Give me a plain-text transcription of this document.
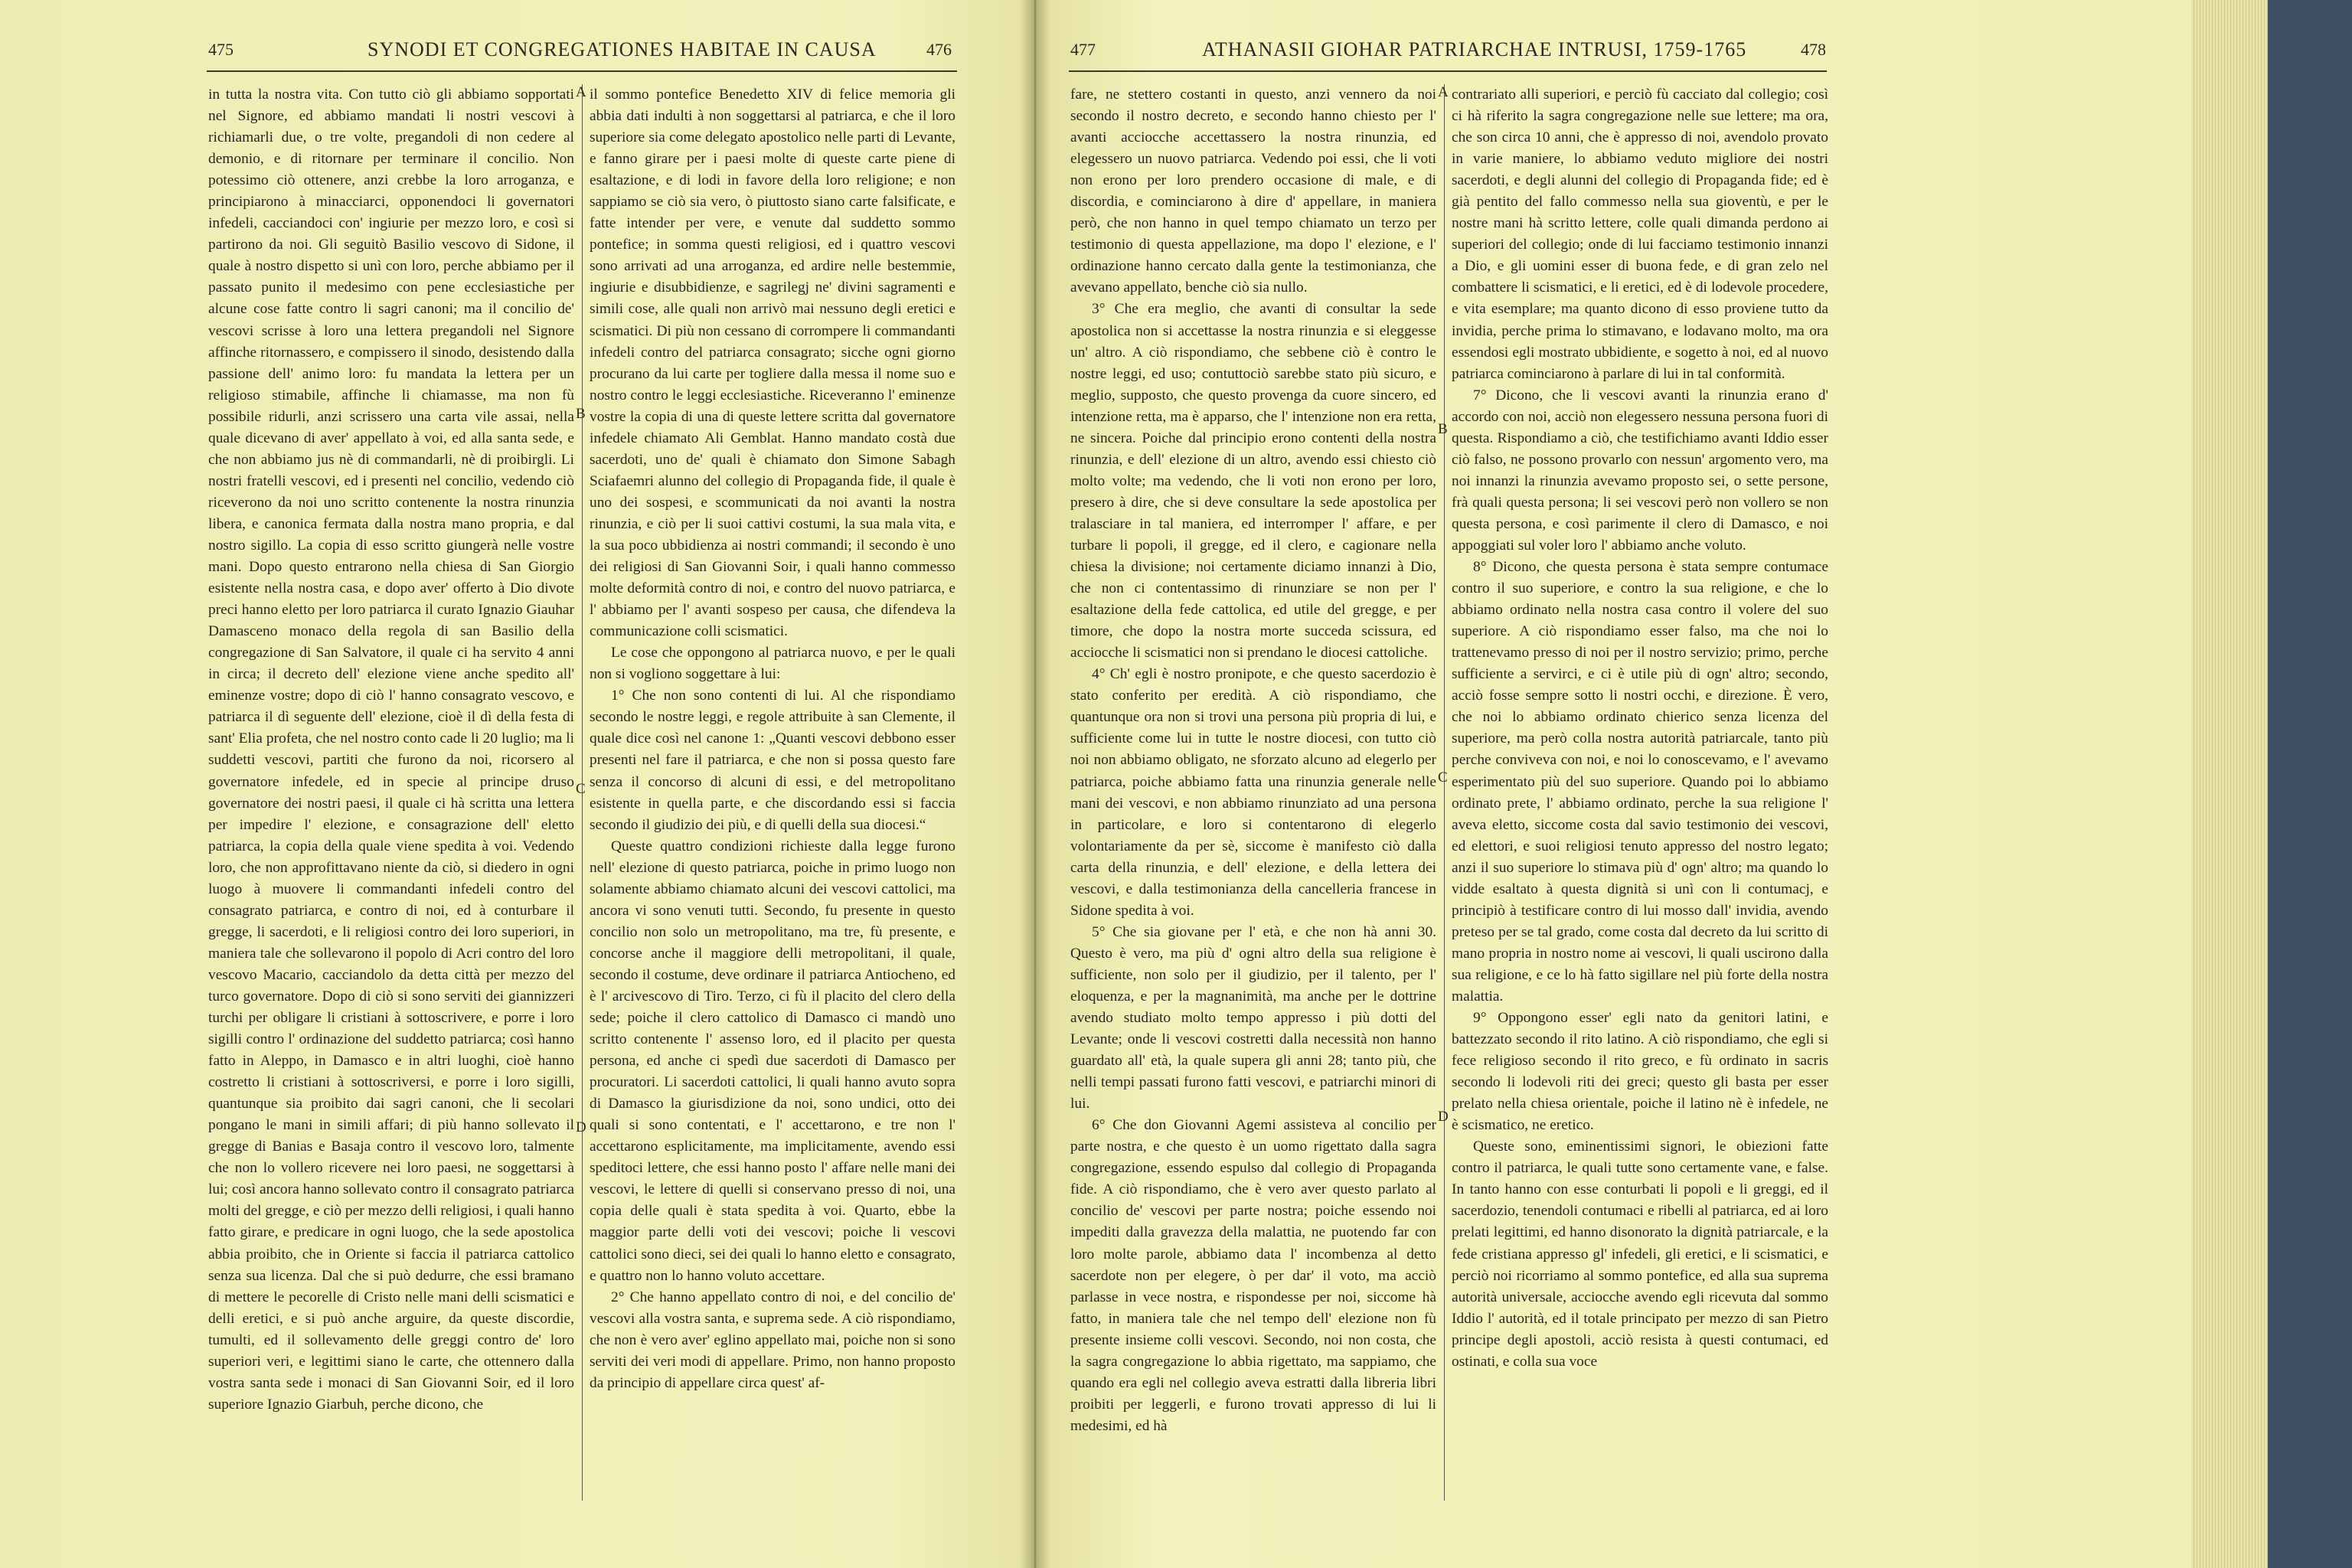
475	SYNODI ET CONGREGATIONES HABITAE IN CAUSA	476

in tutta la nostra vita. Con tutto ciò gli abbiamo sopportati nel Signore, ed abbiamo mandati li nostri vescovi à richiamarli due, o tre volte, pregandoli di non cedere al demonio, e di ritornare per terminare il concilio. Non potessimo ciò ottenere, anzi crebbe la loro arroganza, e principiarono à minacciarci, opponendoci li governatori infedeli, cacciandoci con' ingiurie per mezzo loro, e così si partirono da noi. Gli seguitò Basilio vescovo di Sidone, il quale à nostro dispetto si unì con loro, perche abbiamo per il passato punito il medesimo con pene ecclesiastiche per alcune cose fatte contro li sagri canoni; ma il concilio de' vescovi scrisse à loro una lettera pregandoli nel Signore affinche ritornassero, e compissero il sinodo, desistendo dalla passione dell' animo loro: fu mandata la lettera per un religioso stimabile, affinche li chiamasse, ma non fù possibile ridurli, anzi scrissero una carta vile assai, nella quale dicevano di aver' appellato à voi, ed alla santa sede, e che non abbiamo jus nè di commandarli, nè di proibirgli. Li nostri fratelli vescovi, ed i presenti nel concilio, vedendo ciò riceverono da noi uno scritto contenente la nostra rinunzia libera, e canonica fermata dalla nostra mano propria, e dal nostro sigillo. La copia di esso scritto giungerà nelle vostre mani. Dopo questo entrarono nella chiesa di San Giorgio esistente nella nostra casa, e dopo aver' offerto à Dio divote preci hanno eletto per loro patriarca il curato Ignazio Giauhar Damasceno monaco della regola di san Basilio della congregazione di San Salvatore, il quale ci ha servito 4 anni in circa; il decreto dell' elezione viene anche spedito all' eminenze vostre; dopo di ciò l' hanno consagrato vescovo, e patriarca il dì seguente dell' elezione, cioè il dì della festa di sant' Elia profeta, che nel nostro conto cade li 20 luglio; ma li suddetti vescovi, partiti che furono da noi, ricorsero al governatore infedele, ed in specie al principe druso governatore dei nostri paesi, il quale ci hà scritta una lettera per impedire l' elezione, e consagrazione dell' eletto patriarca, la copia della quale viene spedita à voi. Vedendo loro, che non approfittavano niente da ciò, si diedero in ogni luogo à muovere li commandanti infedeli contro del consagrato patriarca, e contro di noi, ed à conturbare il gregge, li sacerdoti, e li religiosi contro dei loro superiori, in maniera tale che sollevarono il popolo di Acri contro del loro vescovo Macario, cacciandolo da detta città per mezzo del turco governatore. Dopo di ciò si sono serviti dei giannizzeri turchi per obligare li cristiani à sottoscrivere, e porre i loro sigilli contro l' ordinazione del suddetto patriarca; così hanno fatto in Aleppo, in Damasco e in altri luoghi, cioè hanno costretto li cristiani à sottoscriversi, e porre i loro sigilli, quantunque sia proibito dai sagri canoni, che li secolari pongano le mani in simili affari; di più hanno sollevato il gregge di Banias e Basaja contro il vescovo loro, talmente che non lo vollero ricevere nei loro paesi, ne soggettarsi à lui; così ancora hanno sollevato contro il consagrato patriarca molti del gregge, e ciò per mezzo delli religiosi, i quali hanno fatto girare, e predicare in ogni luogo, che la sede apostolica abbia proibito, che in Oriente si faccia il patriarca cattolico senza sua licenza. Dal che si può dedurre, che essi bramano di mettere le pecorelle di Cristo nelle mani delli scismatici e delli eretici, e si può anche arguire, da queste discordie, tumulti, ed il sollevamento delle greggi contro de' loro superiori veri, e legittimi siano le carte, che ottennero dalla vostra santa sede i monaci di San Giovanni Soir, ed il loro superiore Ignazio Giarbuh, perche dicono, che

A
B
C
D

il sommo pontefice Benedetto XIV di felice memoria gli abbia dati indulti à non soggettarsi al patriarca, e che il loro superiore sia come delegato apostolico nelle parti di Levante, e fanno girare per i paesi molte di queste carte piene di esaltazione, e di lodi in favore della loro religione; e non sappiamo se ciò sia vero, ò piuttosto siano carte falsificate, e fatte intender per vere, e venute dal suddetto sommo pontefice; in somma questi religiosi, ed i quattro vescovi sono arrivati ad una arroganza, ed ardire nelle bestemmie, ingiurie e disubbidienze, e sagrilegj ne' divini sagramenti e simili cose, alle quali non arrivò mai nessuno degli eretici e scismatici. Di più non cessano di corrompere li commandanti infedeli contro del patriarca consagrato; sicche ogni giorno procurano da lui carte per togliere dalla messa il nome suo e nostro contro le leggi ecclesiastiche. Riceveranno l' eminenze vostre la copia di una di queste lettere scritta dal governatore infedele chiamato Ali Gemblat. Hanno mandato costà due sacerdoti, uno de' quali è chiamato don Simone Sabagh Sciafaemri alunno del collegio di Propaganda fide, il quale è uno dei sospesi, e scommunicati da noi avanti la nostra rinunzia, e ciò per li suoi cattivi costumi, la sua mala vita, e la sua poco ubbidienza ai nostri commandi; il secondo è uno dei religiosi di San Giovanni Soir, i quali hanno commesso molte deformità contro di noi, e contro del nuovo patriarca, e l' abbiamo per l' avanti sospeso per causa, che difendeva la communicazione colli scismatici.

Le cose che oppongono al patriarca nuovo, e per le quali non si vogliono soggettare à lui:

1° Che non sono contenti di lui. Al che rispondiamo secondo le nostre leggi, e regole attribuite à san Clemente, il quale dice così nel canone 1: „Quanti vescovi debbono esser presenti nel fare il patriarca, e che non si possa questo fare senza il concorso di alcuni di essi, e del metropolitano esistente in quella parte, e che discordando essi si faccia secondo il giudizio dei più, e di quelli della sua diocesi.“

Queste quattro condizioni richieste dalla legge furono nell' elezione di questo patriarca, poiche in primo luogo non solamente abbiamo chiamato alcuni dei vescovi cattolici, ma ancora vi sono venuti tutti. Secondo, fu presente in questo concilio non solo un metropolitano, ma tre, fù presente, e concorse anche il maggiore delli metropolitani, il quale, secondo il costume, deve ordinare il patriarca Antiocheno, ed è l' arcivescovo di Tiro. Terzo, ci fù il placito del clero della sede; poiche il clero cattolico di Damasco ci mandò uno scritto contenente l' assenso loro, ed il placito per questa persona, ed anche ci spedì due sacerdoti di Damasco per procuratori. Li sacerdoti cattolici, li quali hanno avuto sopra di Damasco la giurisdizione da noi, sono undici, otto dei quali si sono contentati, e l' accettarono, e tre non l' accettarono esplicitamente, ma implicitamente, avendo essi speditoci lettere, che essi hanno posto l' affare nelle mani dei vescovi, le lettere di quelli si conservano presso di noi, una copia delle quali è stata spedita à voi. Quarto, ebbe la maggior parte delli voti dei vescovi; poiche li vescovi cattolici sono dieci, sei dei quali lo hanno eletto e consagrato, e quattro non lo hanno voluto accettare.

2° Che hanno appellato contro di noi, e del concilio de' vescovi alla vostra santa, e suprema sede. A ciò rispondiamo, che non è vero aver' eglino appellato mai, poiche non si sono serviti dei veri modi di appellare. Primo, non hanno proposto da principio di appellare circa quest' af-

477	ATHANASII GIOHAR PATRIARCHAE INTRUSI, 1759-1765	478

fare, ne stettero costanti in questo, anzi vennero da noi secondo il nostro decreto, e secondo hanno chiesto per l' avanti acciocche accettassero la nostra rinunzia, ed elegessero un nuovo patriarca. Vedendo poi essi, che li voti non erono per loro prendero occasione di male, e di discordia, e cominciarono à dire d' appellare, in maniera però, che non hanno in quel tempo chiamato un terzo per testimonio di questa appellazione, ma dopo l' elezione, e l' ordinazione hanno cercato dalla gente la testimonianza, che avevano appellato, benche ciò sia nullo.

3° Che era meglio, che avanti di consultar la sede apostolica non si accettasse la nostra rinunzia e si eleggesse un' altro. A ciò rispondiamo, che sebbene ciò è contro le nostre leggi, ed uso; contuttociò sarebbe stato più sicuro, e meglio, supposto, che questo provenga da cuore sincero, ed intenzione retta, ma è apparso, che l' intenzione non era retta, ne sincera. Poiche dal principio erono contenti della nostra rinunzia, e dell' elezione di un altro, avendo essi chiesto ciò molto volte; ma vedendo, che li voti non erono per loro, presero à dire, che si deve consultare la sede apostolica per tralasciare in tal maniera, ed interromper l' affare, e per turbare li popoli, il gregge, ed il clero, e cagionare nella chiesa la divisione; noi certamente diciamo innanzi à Dio, che non ci contentassimo di rinunziare se non per l' esaltazione della fede cattolica, ed utile del gregge, e per timore, che dopo la nostra morte succeda scissura, ed acciocche li scismatici non si prendano le diocesi cattoliche.

4° Ch' egli è nostro pronipote, e che questo sacerdozio è stato conferito per eredità. A ciò rispondiamo, che quantunque ora non si trovi una persona più propria di lui, e sufficiente come lui in tutte le nostre diocesi, con tutto ciò noi non abbiamo obligato, ne sforzato alcuno ad elegerlo per patriarca, poiche abbiamo fatta una rinunzia generale nelle mani dei vescovi, e non abbiamo rinunziato ad una persona in particolare, e loro si contentarono di elegerlo volontariamente da per sè, siccome è manifesto ciò dalla carta della rinunzia, e dell' elezione, e della lettera dei vescovi, e dalla testimonianza della cancelleria francese in Sidone spedita à voi.

5° Che sia giovane per l' età, e che non hà anni 30. Questo è vero, ma più d' ogni altro della sua religione è sufficiente, non solo per il giudizio, per il talento, per l' eloquenza, e per la magnanimità, ma anche per le dottrine avendo studiato molto tempo appresso i più dotti del Levante; onde li vescovi costretti dalla necessità non hanno guardato all' età, la quale supera gli anni 28; tanto più, che nelli tempi passati furono fatti vescovi, e patriarchi minori di lui.

6° Che don Giovanni Agemi assisteva al concilio per parte nostra, e che questo è un uomo rigettato dalla sagra congregazione, essendo espulso dal collegio di Propaganda fide. A ciò rispondiamo, che è vero aver questo parlato al concilio de' vescovi per parte nostra; poiche essendo noi impediti dalla gravezza della malattia, ne puotendo far con loro molte parole, abbiamo data l' incombenza al detto sacerdote non per elegere, ò per dar' il voto, ma acciò parlasse in vece nostra, e rispondesse per noi, siccome hà fatto, in maniera tale che nel tempo dell' elezione non fù presente insieme colli vescovi. Secondo, noi non costa, che la sagra congregazione lo abbia rigettato, ma sappiamo, che quando era egli nel collegio aveva estratti dalla libreria libri proibiti per leggerli, e furono trovati appresso di lui li medesimi, ed hà

A
B
C
D

contrariato alli superiori, e perciò fù cacciato dal collegio; così ci hà riferito la sagra congregazione nelle sue lettere; ma ora, che son circa 10 anni, che è appresso di noi, avendolo provato in varie maniere, lo abbiamo veduto migliore dei nostri sacerdoti, e degli alunni del collegio di Propaganda fide; ed è già pentito del fallo commesso nella sua gioventù, e per le nostre mani hà scritto lettere, colle quali dimanda perdono ai superiori del collegio; onde di lui facciamo testimonio innanzi a Dio, e gli uomini esser di buona fede, e di gran zelo nel combattere li scismatici, e li eretici, ed è di lodevole procedere, e vita esemplare; ma quanto dicono di esso proviene tutto da invidia, perche prima lo stimavano, e lodavano molto, ma ora essendosi egli mostrato ubbidiente, e sogetto à noi, ed al nuovo patriarca cominciarono à parlare di lui in tal conformità.

7° Dicono, che li vescovi avanti la rinunzia erano d' accordo con noi, acciò non elegessero nessuna persona fuori di questa. Rispondiamo a ciò, che testifichiamo avanti Iddio esser ciò falso, ne possono provarlo con nessun' argomento vero, ma noi innanzi la rinunzia avevamo proposto sei, o sette persone, frà quali questa persona; li sei vescovi però non vollero se non questa persona, e così parimente il clero di Damasco, e noi appoggiati sul voler loro l' abbiamo anche voluto.

8° Dicono, che questa persona è stata sempre contumace contro il suo superiore, e contro la sua religione, e che lo abbiamo ordinato nella nostra casa contro il volere del suo superiore. A ciò rispondiamo esser falso, ma che noi lo trattenevamo presso di noi per il nostro servizio; primo, perche sufficiente a servirci, e ci è utile più di ogn' altro; secondo, acciò fosse sempre sotto li nostri occhi, e direzione. È vero, che noi lo abbiamo ordinato chierico senza licenza del superiore, ma però colla nostra autorità patriarcale, tanto più perche conviveva con noi, e noi lo conoscevamo, e l' avevamo esperimentato più del suo superiore. Quando poi lo abbiamo ordinato prete, l' abbiamo ordinato, perche la sua religione l' aveva eletto, siccome costa dal savio testimonio dei vescovi, ed elettori, e suoi religiosi tenuto appresso del nostro legato; anzi il suo superiore lo stimava più d' ogn' altro; ma quando lo vidde esaltato à questa dignità si unì con li contumacj, e principiò à testificare contro di lui mosso dall' invidia, avendo preteso per se tal grado, come costa dal decreto da lui scritto di mano propria in nostro nome ai vescovi, li quali uscirono dalla sua religione, e ce lo hà fatto sigillare nel più forte della nostra malattia.

9° Oppongono esser' egli nato da genitori latini, e battezzato secondo il rito latino. A ciò rispondiamo, che egli si fece religioso secondo il rito greco, e fù ordinato in sacris secondo li lodevoli riti dei greci; questo gli basta per esser prelato nella chiesa orientale, poiche il latino nè è infedele, ne è scismatico, ne eretico.

Queste sono, eminentissimi signori, le obiezioni fatte contro il patriarca, le quali tutte sono certamente vane, e false. In tanto hanno con esse conturbati li popoli e li greggi, ed il sacerdozio, tenendoli contumaci e ribelli al patriarca, ed ai loro prelati legittimi, ed hanno disonorato la dignità patriarcale, e la fede cristiana appresso gl' infedeli, gli eretici, e li scismatici, e perciò noi ricorriamo al sommo pontefice, ed alla sua suprema autorità universale, acciocche avendo egli ricevuta dal sommo Iddio l' autorità, ed il totale principato per mezzo di san Pietro principe degli apostoli, acciò resista à questi contumaci, ed ostinati, e colla sua voce
